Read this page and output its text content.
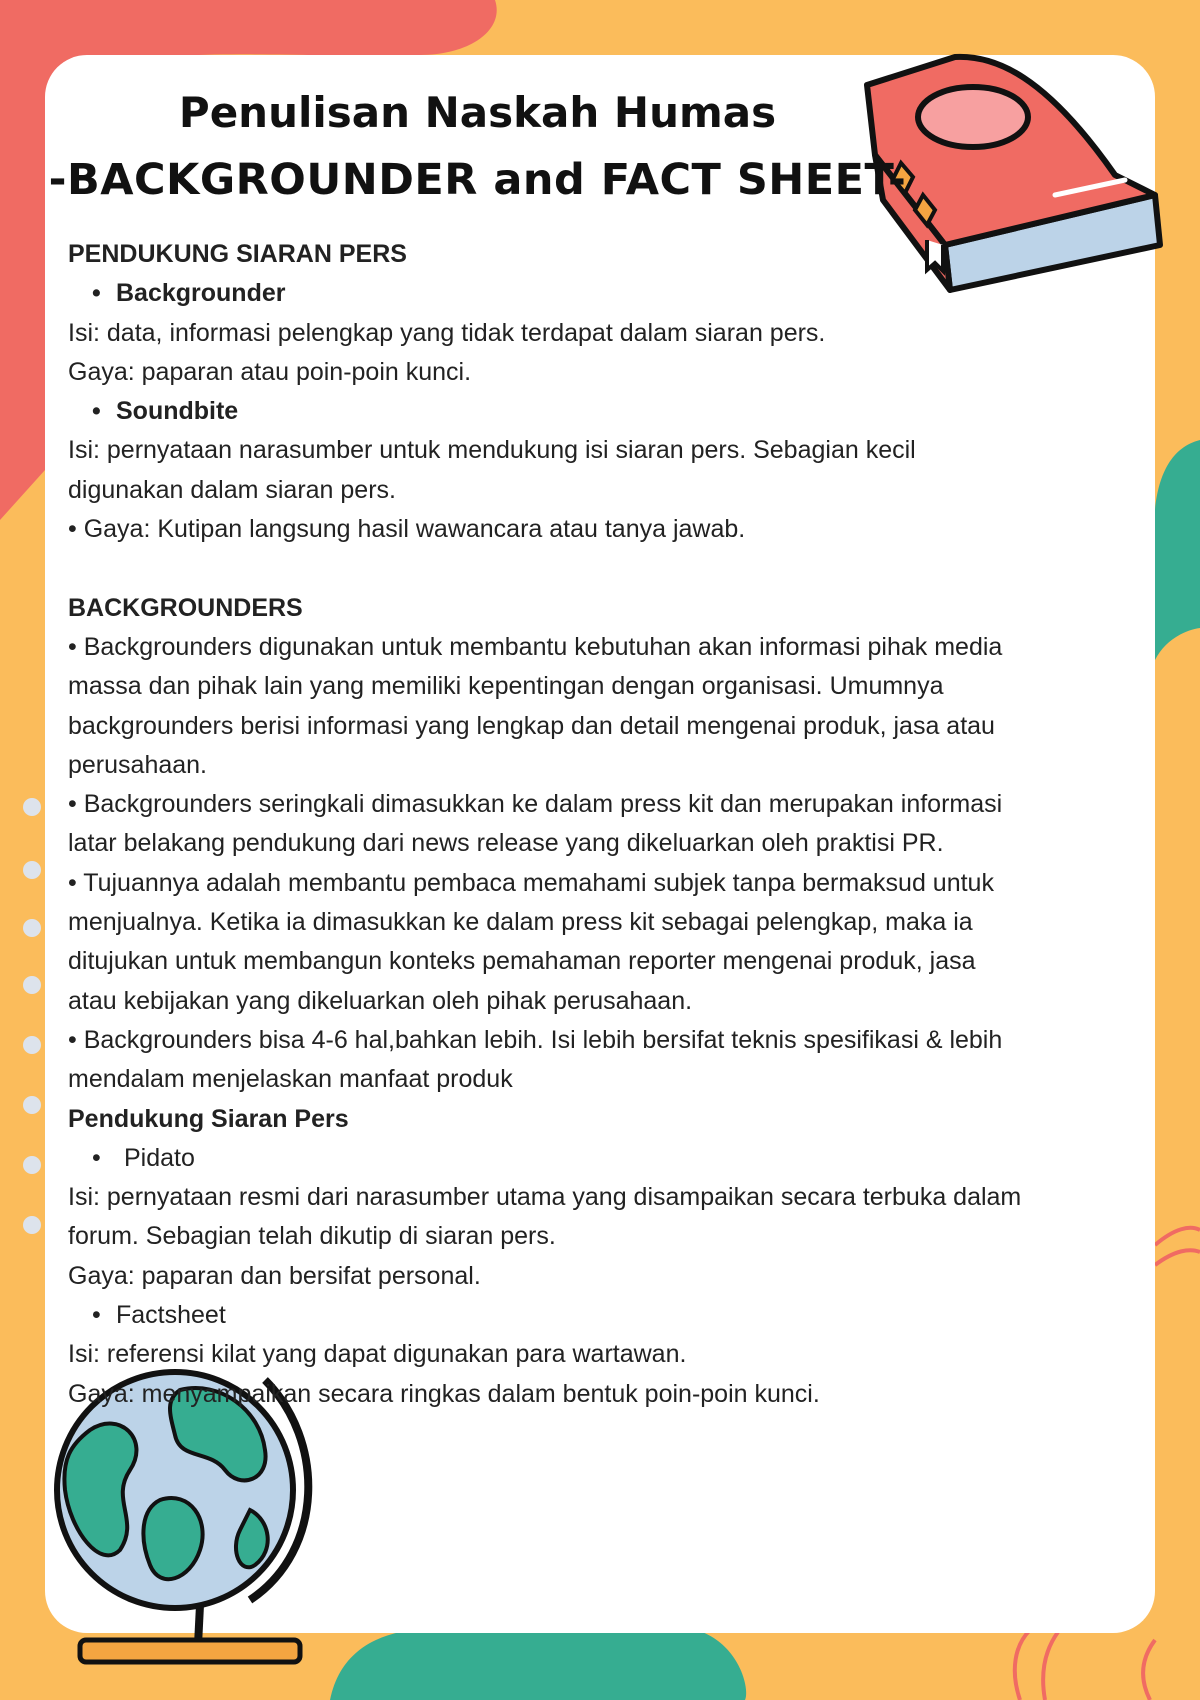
Penulisan Naskah Humas
-BACKGROUNDER and FACT SHEET-

PENDUKUNG SIARAN PERS

• Backgrounder

Isi: data, informasi pelengkap yang tidak terdapat dalam siaran pers.

Gaya: paparan atau poin-poin kunci.

• Soundbite

Isi: pernyataan narasumber untuk mendukung isi siaran pers. Sebagian kecil

digunakan dalam siaran pers.

• Gaya: Kutipan langsung hasil wawancara atau tanya jawab.

BACKGROUNDERS

• Backgrounders digunakan untuk membantu kebutuhan akan informasi pihak media

massa dan pihak lain yang memiliki kepentingan dengan organisasi. Umumnya

backgrounders berisi informasi yang lengkap dan detail mengenai produk, jasa atau

perusahaan.

• Backgrounders seringkali dimasukkan ke dalam press kit dan merupakan informasi

latar belakang pendukung dari news release yang dikeluarkan oleh praktisi PR.

• Tujuannya adalah membantu pembaca memahami subjek tanpa bermaksud untuk

menjualnya. Ketika ia dimasukkan ke dalam press kit sebagai pelengkap, maka ia

ditujukan untuk membangun konteks pemahaman reporter mengenai produk, jasa

atau kebijakan yang dikeluarkan oleh pihak perusahaan.

• Backgrounders bisa 4-6 hal,bahkan lebih. Isi lebih bersifat teknis spesifikasi & lebih

mendalam menjelaskan manfaat produk

Pendukung Siaran Pers

• Pidato

Isi: pernyataan resmi dari narasumber utama yang disampaikan secara terbuka dalam

forum. Sebagian telah dikutip di siaran pers.

Gaya: paparan dan bersifat personal.

• Factsheet

Isi: referensi kilat yang dapat digunakan para wartawan.

Gaya: menyampaikan secara ringkas dalam bentuk poin-poin kunci.
